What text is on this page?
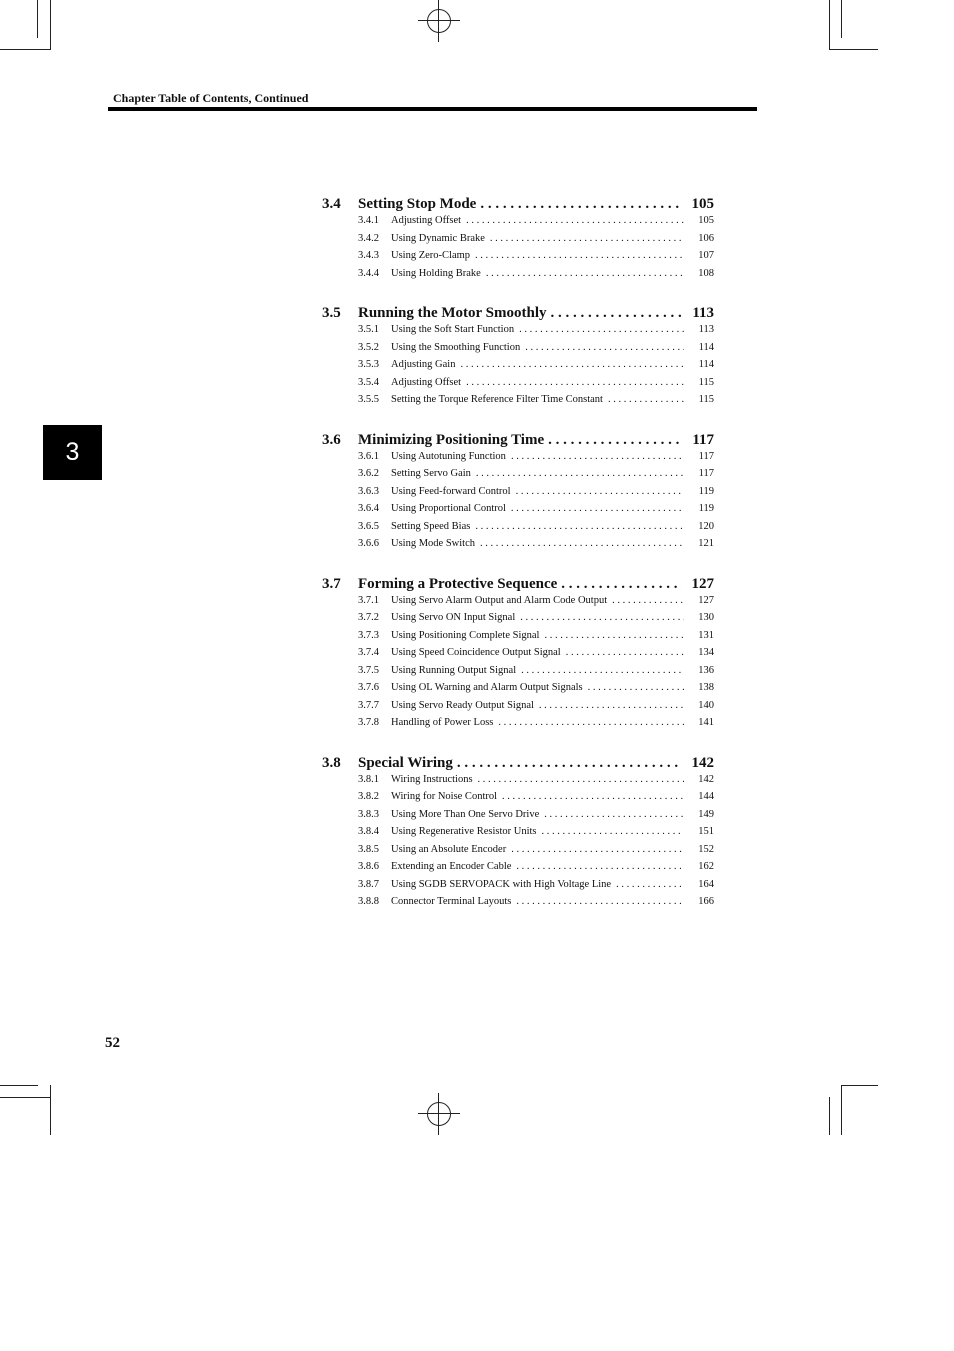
Chapter Table of Contents, Continued
3
3.4	Setting Stop Mode . . .	105
3.4.1	Adjusting Offset . . .	105
3.4.2	Using Dynamic Brake . . .	106
3.4.3	Using Zero-Clamp . . .	107
3.4.4	Using Holding Brake . . .	108
3.5	Running the Motor Smoothly . . .	113
3.5.1	Using the Soft Start Function . . .	113
3.5.2	Using the Smoothing Function . . .	114
3.5.3	Adjusting Gain . . .	114
3.5.4	Adjusting Offset . . .	115
3.5.5	Setting the Torque Reference Filter Time Constant . . .	115
3.6	Minimizing Positioning Time . . .	117
3.6.1	Using Autotuning Function . . .	117
3.6.2	Setting Servo Gain . . .	117
3.6.3	Using Feed-forward Control . . .	119
3.6.4	Using Proportional Control . . .	119
3.6.5	Setting Speed Bias . . .	120
3.6.6	Using Mode Switch . . .	121
3.7	Forming a Protective Sequence . . .	127
3.7.1	Using Servo Alarm Output and Alarm Code Output . . .	127
3.7.2	Using Servo ON Input Signal . . .	130
3.7.3	Using Positioning Complete Signal . . .	131
3.7.4	Using Speed Coincidence Output Signal . . .	134
3.7.5	Using Running Output Signal . . .	136
3.7.6	Using OL Warning and Alarm Output Signals . . .	138
3.7.7	Using Servo Ready Output Signal . . .	140
3.7.8	Handling of Power Loss . . .	141
3.8	Special Wiring . . .	142
3.8.1	Wiring Instructions . . .	142
3.8.2	Wiring for Noise Control . . .	144
3.8.3	Using More Than One Servo Drive . . .	149
3.8.4	Using Regenerative Resistor Units . . .	151
3.8.5	Using an Absolute Encoder . . .	152
3.8.6	Extending an Encoder Cable . . .	162
3.8.7	Using SGDB SERVOPACK with High Voltage Line . . .	164
3.8.8	Connector Terminal Layouts . . .	166
52
